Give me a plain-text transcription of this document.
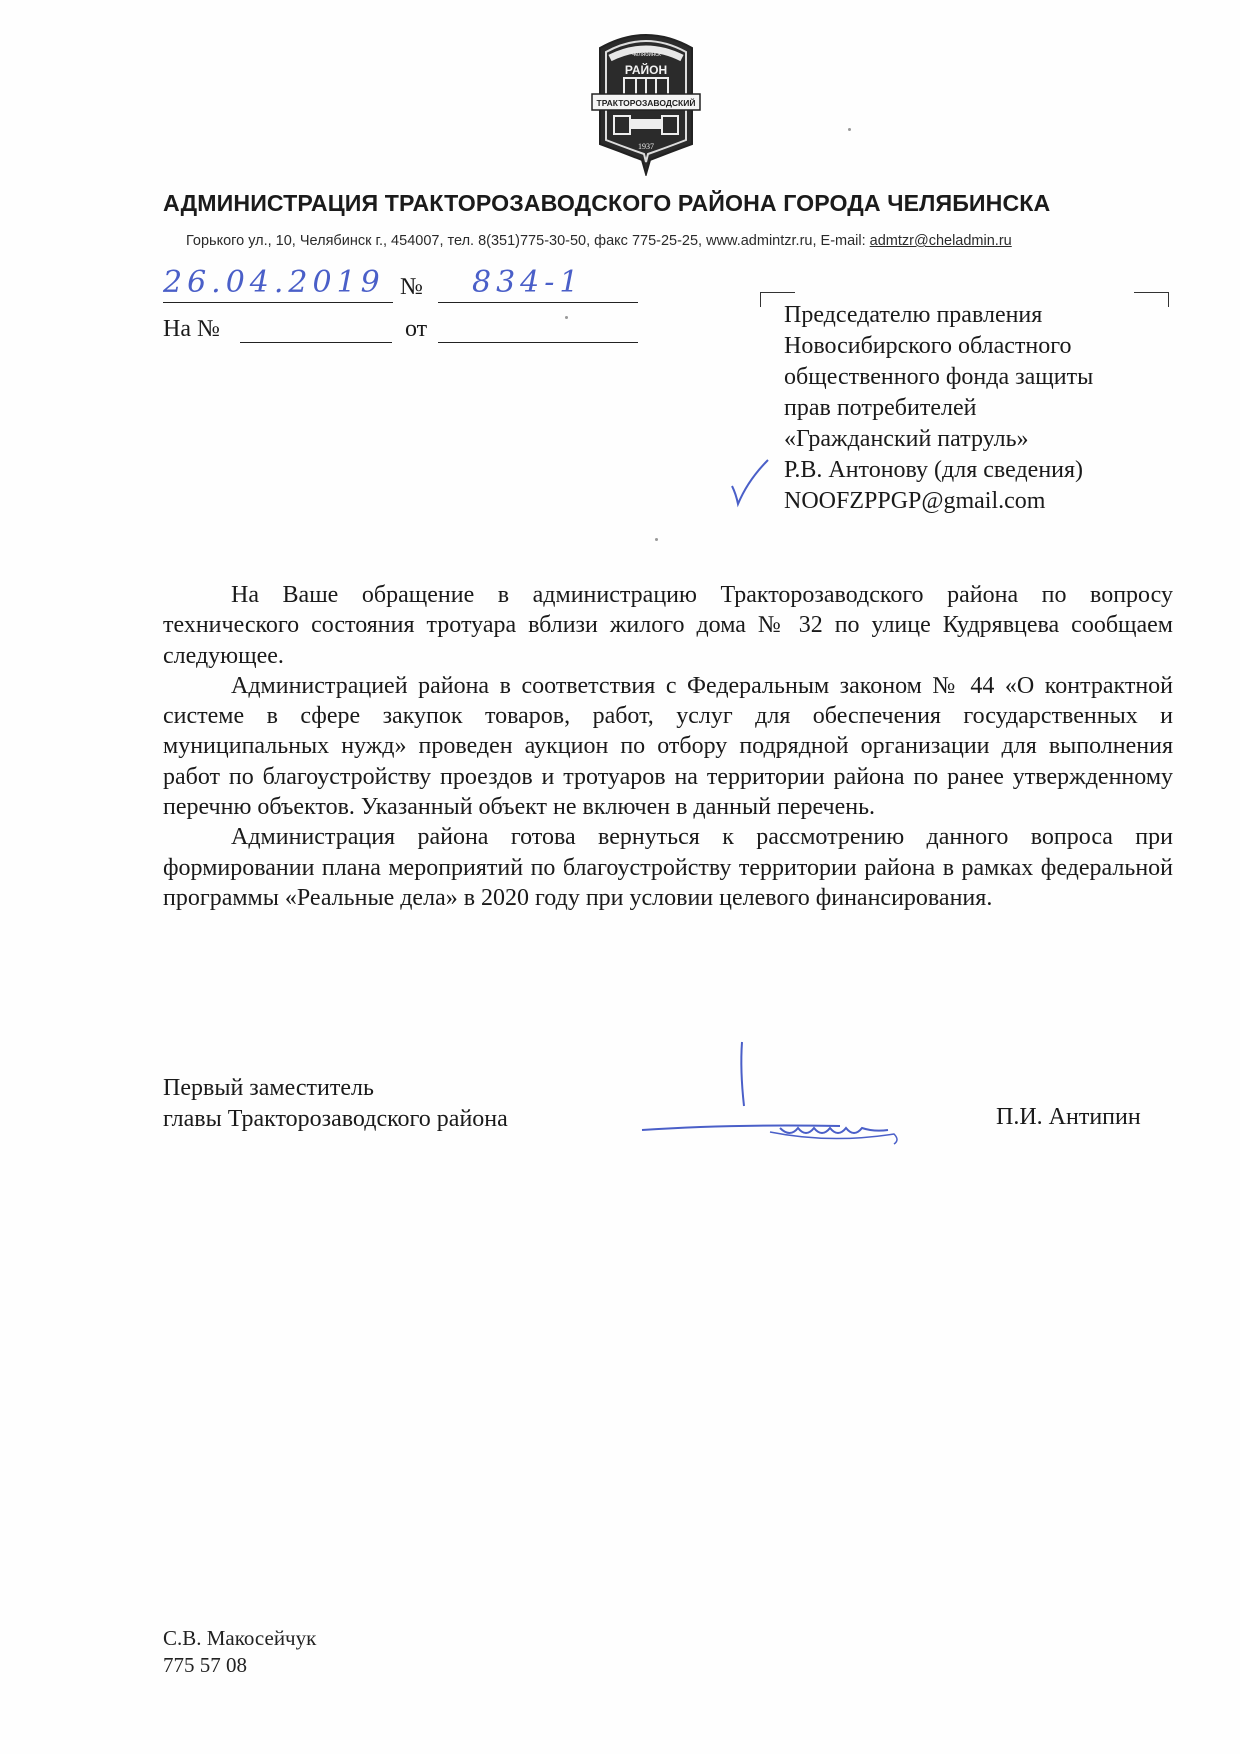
Челябинск
РАЙОН
ТРАКТОРОЗАВОДСКИЙ
1937
АДМИНИСТРАЦИЯ ТРАКТОРОЗАВОДСКОГО РАЙОНА ГОРОДА ЧЕЛЯБИНСКА
Горького ул., 10, Челябинск г., 454007, тел. 8(351)775-30-50, факс 775-25-25, www.admintzr.ru, E-mail: admtzr@cheladmin.ru
26.04.2019 № 834-1
На №	от
Председателю правления
Новосибирского областного
общественного фонда защиты
прав потребителей
«Гражданский патруль»
Р.В. Антонову (для сведения)
NOOFZPPGP@gmail.com

На Ваше обращение в администрацию Тракторозаводского района по вопросу технического состояния тротуара вблизи жилого дома № 32 по улице Кудрявцева сообщаем следующее.

Администрацией района в соответствия с Федеральным законом № 44 «О контрактной системе в сфере закупок товаров, работ, услуг для обеспечения государственных и муниципальных нужд» проведен аукцион по отбору подрядной организации для выполнения работ по благоустройству проездов и тротуаров на территории района по ранее утвержденному перечню объектов. Указанный объект не включен в данный перечень.

Администрация района готова вернуться к рассмотрению данного вопроса при формировании плана мероприятий по благоустройству территории района в рамках федеральной программы «Реальные дела» в 2020 году при условии целевого финансирования.

Первый заместитель
главы Тракторозаводского района	П.И. Антипин
С.В. Макосейчук
775 57 08
